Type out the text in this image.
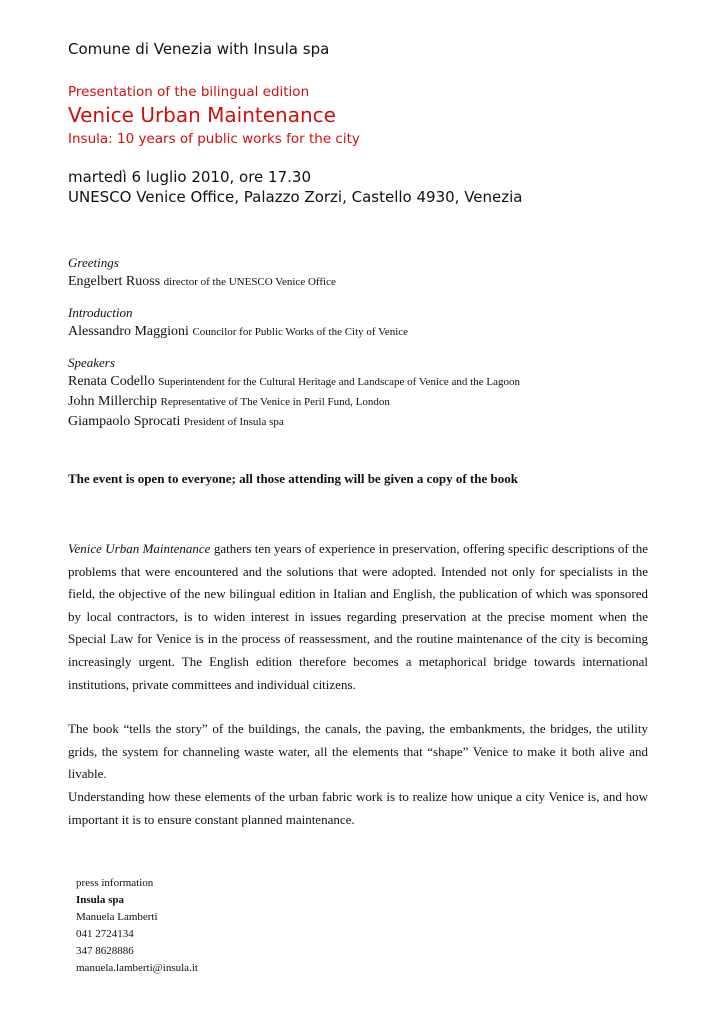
Comune di Venezia with Insula spa
Presentation of the bilingual edition
Venice Urban Maintenance
Insula: 10 years of public works for the city
martedì 6 luglio 2010, ore 17.30
UNESCO Venice Office, Palazzo Zorzi, Castello 4930, Venezia
Greetings
Engelbert Ruoss director of the UNESCO Venice Office
Introduction
Alessandro Maggioni Councilor for Public Works of the City of Venice
Speakers
Renata Codello Superintendent for the Cultural Heritage and Landscape of Venice and the Lagoon
John Millerchip Representative of The Venice in Peril Fund, London
Giampaolo Sprocati President of Insula spa
The event is open to everyone; all those attending will be given a copy of the book

Venice Urban Maintenance gathers ten years of experience in preservation, offering specific descriptions of the problems that were encountered and the solutions that were adopted. Intended not only for specialists in the field, the objective of the new bilingual edition in Italian and English, the publication of which was sponsored by local contractors, is to widen interest in issues regarding preservation at the precise moment when the Special Law for Venice is in the process of reassessment, and the routine maintenance of the city is becoming increasingly urgent. The English edition therefore becomes a metaphorical bridge towards international institutions, private committees and individual citizens.

The book “tells the story” of the buildings, the canals, the paving, the embankments, the bridges, the utility grids, the system for channeling waste water, all the elements that “shape” Venice to make it both alive and livable.

Understanding how these elements of the urban fabric work is to realize how unique a city Venice is, and how important it is to ensure constant planned maintenance.

press information
Insula spa
Manuela Lamberti
041 2724134
347 8628886
manuela.lamberti@insula.it
